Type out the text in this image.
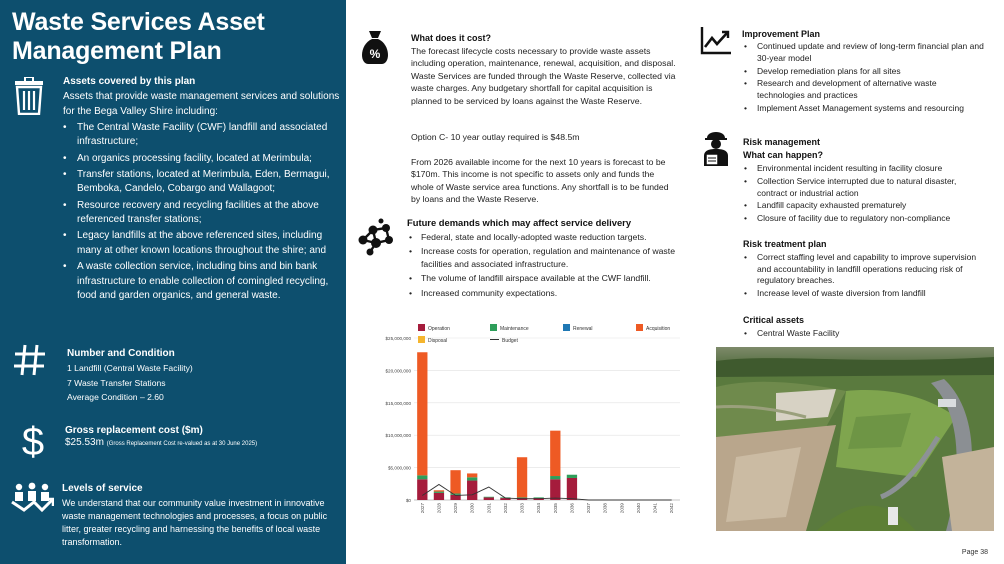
Waste Services Asset Management Plan
Assets covered by this plan
Assets that provide waste management services and solutions for the Bega Valley Shire including:
• The Central Waste Facility (CWF) landfill and associated infrastructure;
• An organics processing facility, located at Merimbula;
• Transfer stations, located at Merimbula, Eden, Bermagui, Bemboka, Candelo, Cobargo and Wallagoot;
• Resource recovery and recycling facilities at the above referenced transfer stations;
• Legacy landfills at the above referenced sites, including many at other known locations throughout the shire; and
• A waste collection service, including bins and bin bank infrastructure to enable collection of comingled recycling, food and garden organics, and general waste.
Number and Condition
1 Landfill (Central Waste Facility)
7 Waste Transfer Stations
Average Condition – 2.60
$ Gross replacement cost ($m)
$25.53m (Gross Replacement Cost re-valued as at 30 June 2025)
Levels of service
We understand that our community value investment in innovative waste management technologies and processes, a focus on public litter, greater recycling and harnessing the benefits of local waste transformation.
%
What does it cost?
The forecast lifecycle costs necessary to provide waste assets including operation, maintenance, renewal, acquisition, and disposal. Waste Services are funded through the Waste Reserve, collected via waste charges. Any budgetary shortfall for capital acquisition is planned to be serviced by loans against the Waste Reserve.
Option C- 10 year outlay required is $48.5m
From 2026 available income for the next 10 years is forecast to be $170m. This income is not specific to assets only and funds the whole of Waste service area functions. Any shortfall is to be funded by loans and the Waste Reserve.
Future demands which may affect service delivery
• Federal, state and locally-adopted waste reduction targets.
• Increase costs for operation, regulation and maintenance of waste facilities and associated infrastructure.
• The volume of landfill airspace available at the CWF landfill.
• Increased community expectations.
$0
$5,000,000
$10,000,000
$15,000,000
$20,000,000
$25,000,000
Operation	Maintenance	Renewal	Acquisition
Disposal	Budget
2027	2028	2029	2030	2031	2032	2033	2034	2035	2036	2037	2038	2039	2040	2041	2042
Improvement Plan
• Continued update and review of long-term financial plan and 30-year model
• Develop remediation plans for all sites
• Research and development of alternative waste technologies and practices
• Implement Asset Management systems and resourcing
Risk management
What can happen?
• Environmental incident resulting in facility closure
• Collection Service interrupted due to natural disaster, contract or industrial action
• Landfill capacity exhausted prematurely
• Closure of facility due to regulatory non-compliance
Risk treatment plan
• Correct staffing level and capability to improve supervision and accountability in landfill operations reducing risk of regulatory breaches.
• Increase level of waste diversion from landfill
Critical assets
• Central Waste Facility
Page 38
